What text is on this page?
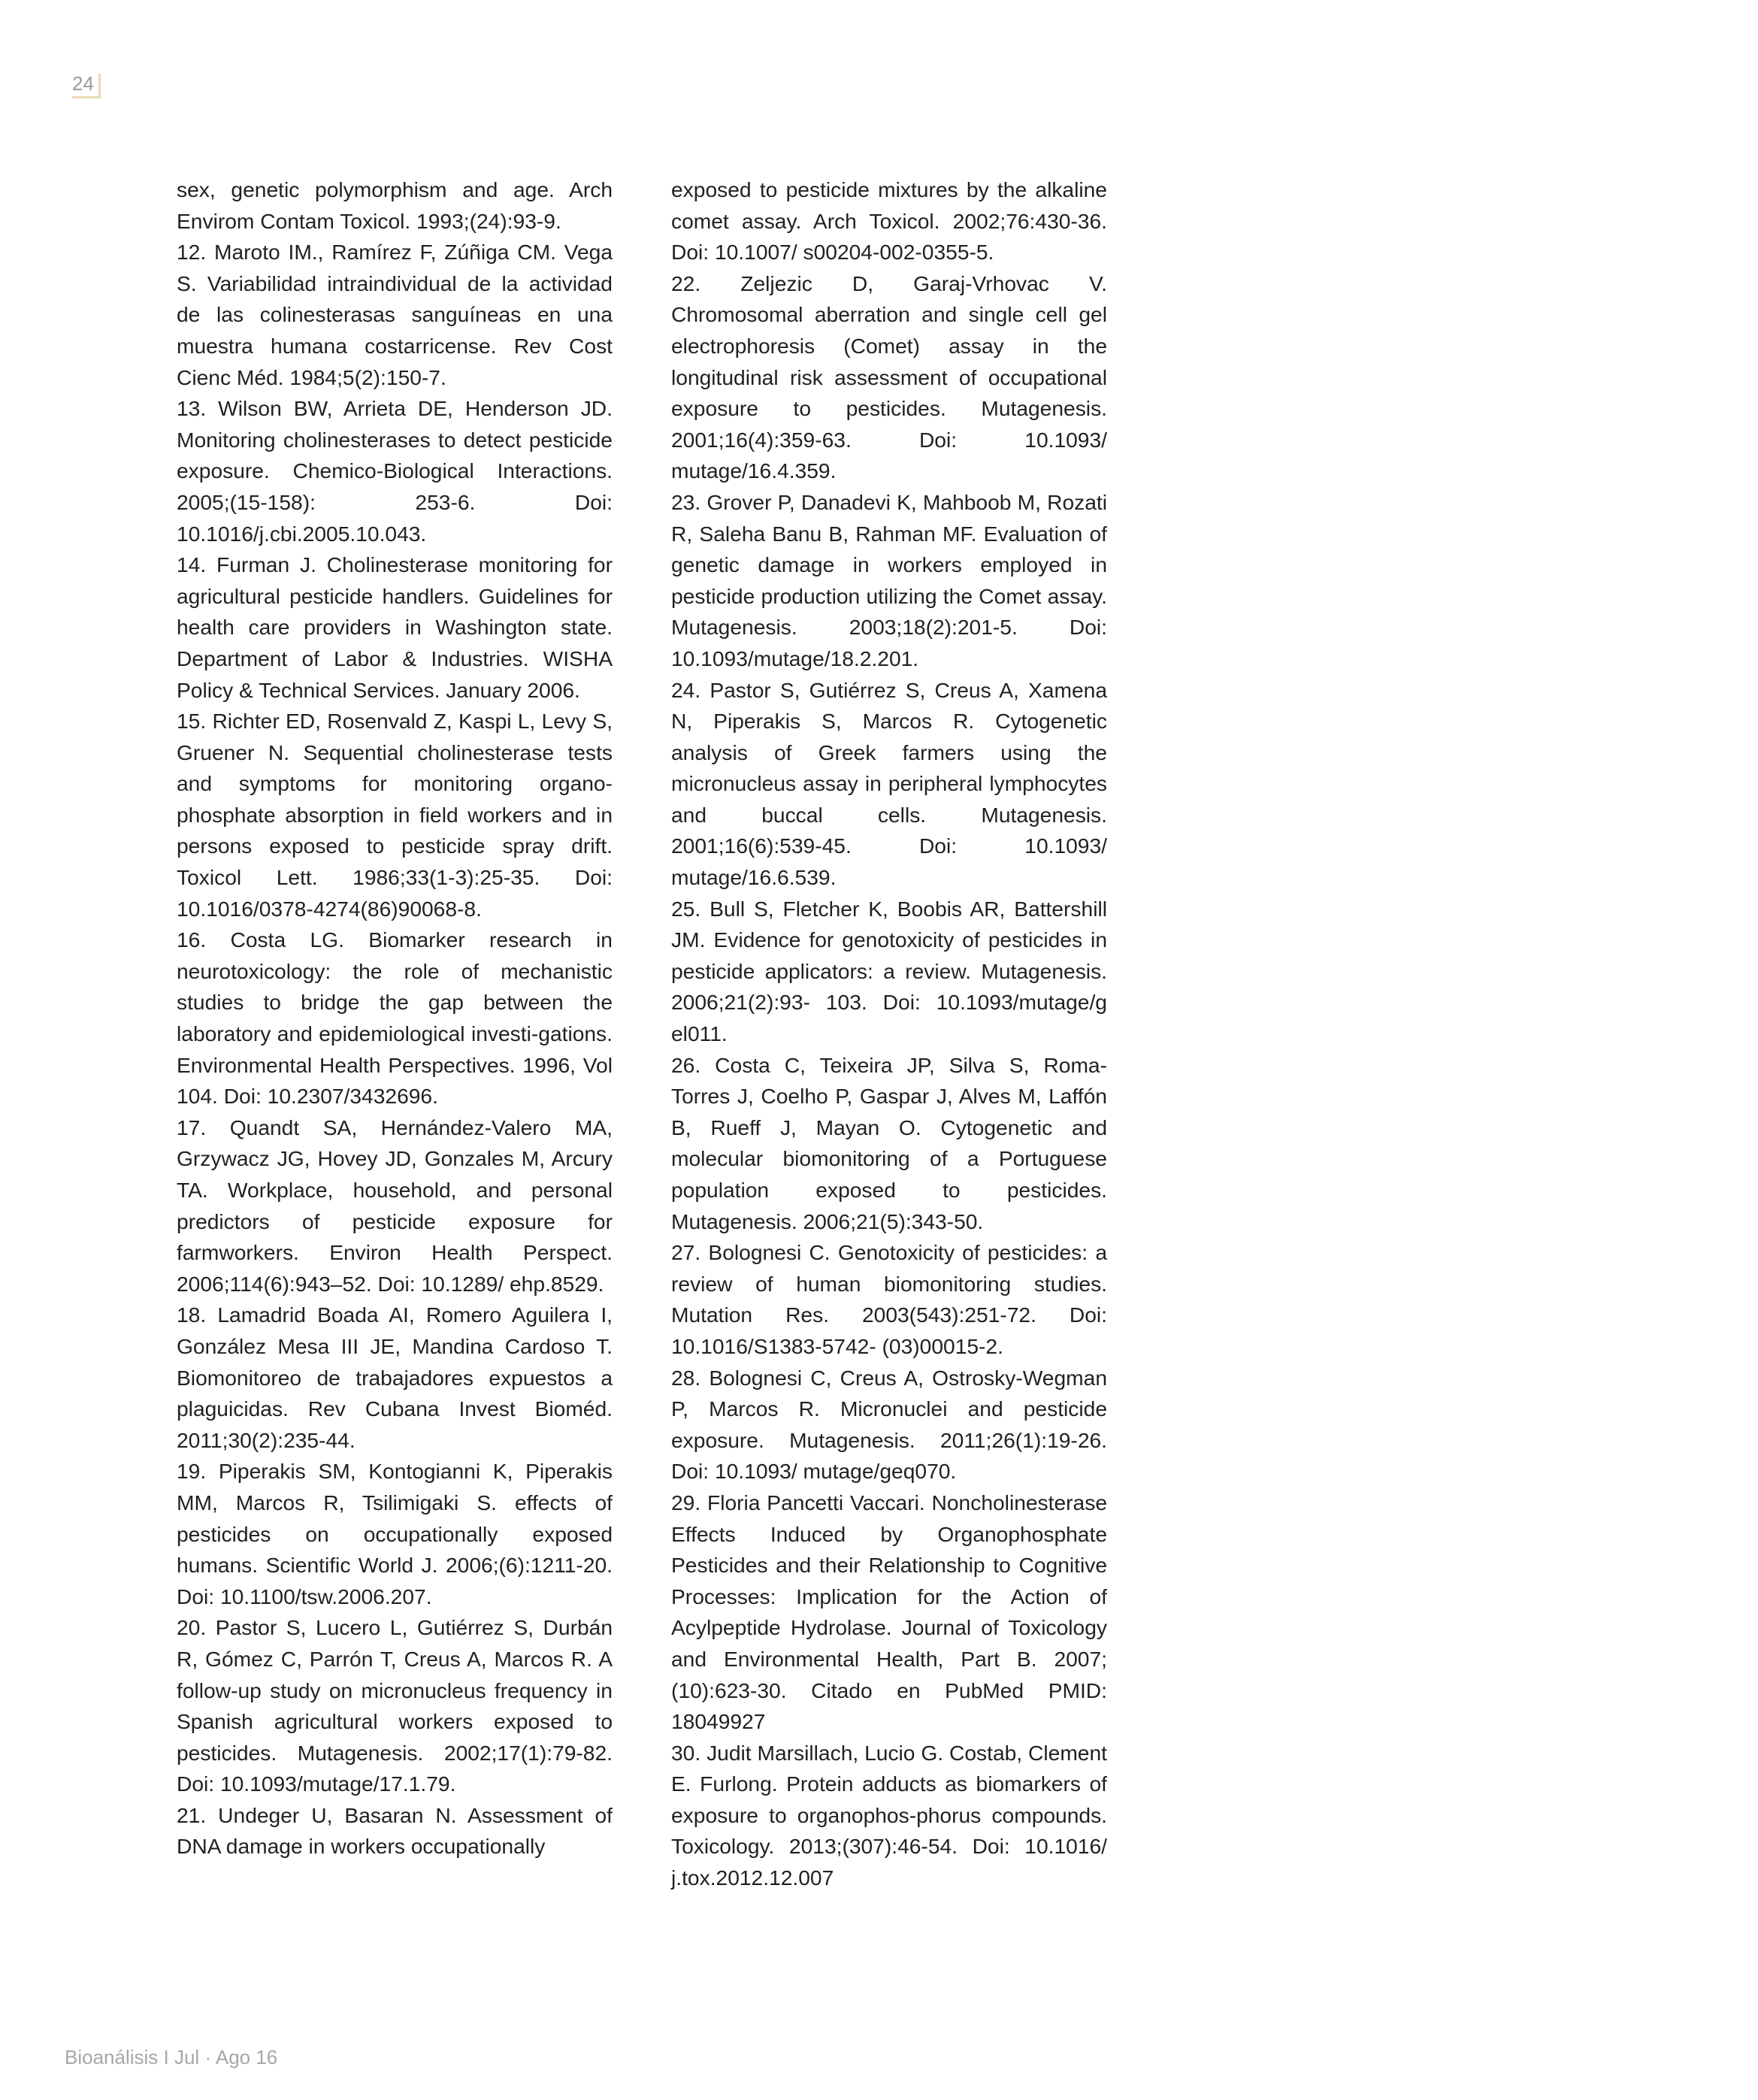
24

sex, genetic polymorphism and age. Arch Envirom Contam Toxicol. 1993;(24):93-9.

12. Maroto IM., Ramírez F, Zúñiga CM. Vega S. Variabilidad intraindividual de la actividad de las colinesterasas sanguíneas en una muestra humana costarricense. Rev Cost Cienc Méd. 1984;5(2):150-7.

13. Wilson BW, Arrieta DE, Henderson JD. Monitoring cholinesterases to detect pesticide exposure. Chemico-Biological Interactions. 2005;(15-158): 253-6. Doi: 10.1016/j.cbi.2005.10.043.

14. Furman J. Cholinesterase monitoring for agricultural pesticide handlers. Guidelines for health care providers in Washington state. Department of Labor & Industries. WISHA Policy & Technical Services. January 2006.

15. Richter ED, Rosenvald Z, Kaspi L, Levy S, Gruener N. Sequential cholinesterase tests and symptoms for monitoring organo-phosphate absorption in field workers and in persons exposed to pesticide spray drift. Toxicol Lett. 1986;33(1-3):25-35. Doi: 10.1016/0378-4274(86)90068-8.

16. Costa LG. Biomarker research in neurotoxicology: the role of mechanistic studies to bridge the gap between the laboratory and epidemiological investi-gations. Environmental Health Perspectives. 1996, Vol 104. Doi: 10.2307/3432696.

17. Quandt SA, Hernández-Valero MA, Grzywacz JG, Hovey JD, Gonzales M, Arcury TA. Workplace, household, and personal predictors of pesticide exposure for farmworkers. Environ Health Perspect. 2006;114(6):943–52. Doi: 10.1289/ ehp.8529.

18. Lamadrid Boada AI, Romero Aguilera I, González Mesa III JE, Mandina Cardoso T. Biomonitoreo de trabajadores expuestos a plaguicidas. Rev Cubana Invest Bioméd. 2011;30(2):235-44.

19. Piperakis SM, Kontogianni K, Piperakis MM, Marcos R, Tsilimigaki S. effects of pesticides on occupationally exposed humans. Scientific World J. 2006;(6):1211-20. Doi: 10.1100/tsw.2006.207.

20. Pastor S, Lucero L, Gutiérrez S, Durbán R, Gómez C, Parrón T, Creus A, Marcos R. A follow-up study on micronucleus frequency in Spanish agricultural workers exposed to pesticides. Mutagenesis. 2002;17(1):79-82. Doi: 10.1093/mutage/17.1.79.

21. Undeger U, Basaran N. Assessment of DNA damage in workers occupationally

exposed to pesticide mixtures by the alkaline comet assay. Arch Toxicol. 2002;76:430-36. Doi: 10.1007/ s00204-002-0355-5.

22. Zeljezic D, Garaj-Vrhovac V. Chromosomal aberration and single cell gel electrophoresis (Comet) assay in the longitudinal risk assessment of occupational exposure to pesticides. Mutagenesis. 2001;16(4):359-63. Doi: 10.1093/ mutage/16.4.359.

23. Grover P, Danadevi K, Mahboob M, Rozati R, Saleha Banu B, Rahman MF. Evaluation of genetic damage in workers employed in pesticide production utilizing the Comet assay. Mutagenesis. 2003;18(2):201-5. Doi: 10.1093/mutage/18.2.201.

24. Pastor S, Gutiérrez S, Creus A, Xamena N, Piperakis S, Marcos R. Cytogenetic analysis of Greek farmers using the micronucleus assay in peripheral lymphocytes and buccal cells. Mutagenesis. 2001;16(6):539-45. Doi: 10.1093/ mutage/16.6.539.

25. Bull S, Fletcher K, Boobis AR, Battershill JM. Evidence for genotoxicity of pesticides in pesticide applicators: a review. Mutagenesis. 2006;21(2):93- 103. Doi: 10.1093/mutage/g el011.

26. Costa C, Teixeira JP, Silva S, Roma-Torres J, Coelho P, Gaspar J, Alves M, Laffón B, Rueff J, Mayan O. Cytogenetic and molecular biomonitoring of a Portuguese population exposed to pesticides. Mutagenesis. 2006;21(5):343-50.

27. Bolognesi C. Genotoxicity of pesticides: a review of human biomonitoring studies. Mutation Res. 2003(543):251-72. Doi: 10.1016/S1383-5742- (03)00015-2.

28. Bolognesi C, Creus A, Ostrosky-Wegman P, Marcos R. Micronuclei and pesticide exposure. Mutagenesis. 2011;26(1):19-26. Doi: 10.1093/ mutage/geq070.

29. Floria Pancetti Vaccari. Noncholinesterase Effects Induced by Organophosphate Pesticides and their Relationship to Cognitive Processes: Implication for the Action of Acylpeptide Hydrolase. Journal of Toxicology and Environmental Health, Part B. 2007;(10):623-30. Citado en PubMed PMID: 18049927

30. Judit Marsillach, Lucio G. Costab, Clement E. Furlong. Protein adducts as biomarkers of exposure to organophos-phorus compounds. Toxicology. 2013;(307):46-54. Doi: 10.1016/ j.tox.2012.12.007

Bioanálisis I Jul · Ago 16
